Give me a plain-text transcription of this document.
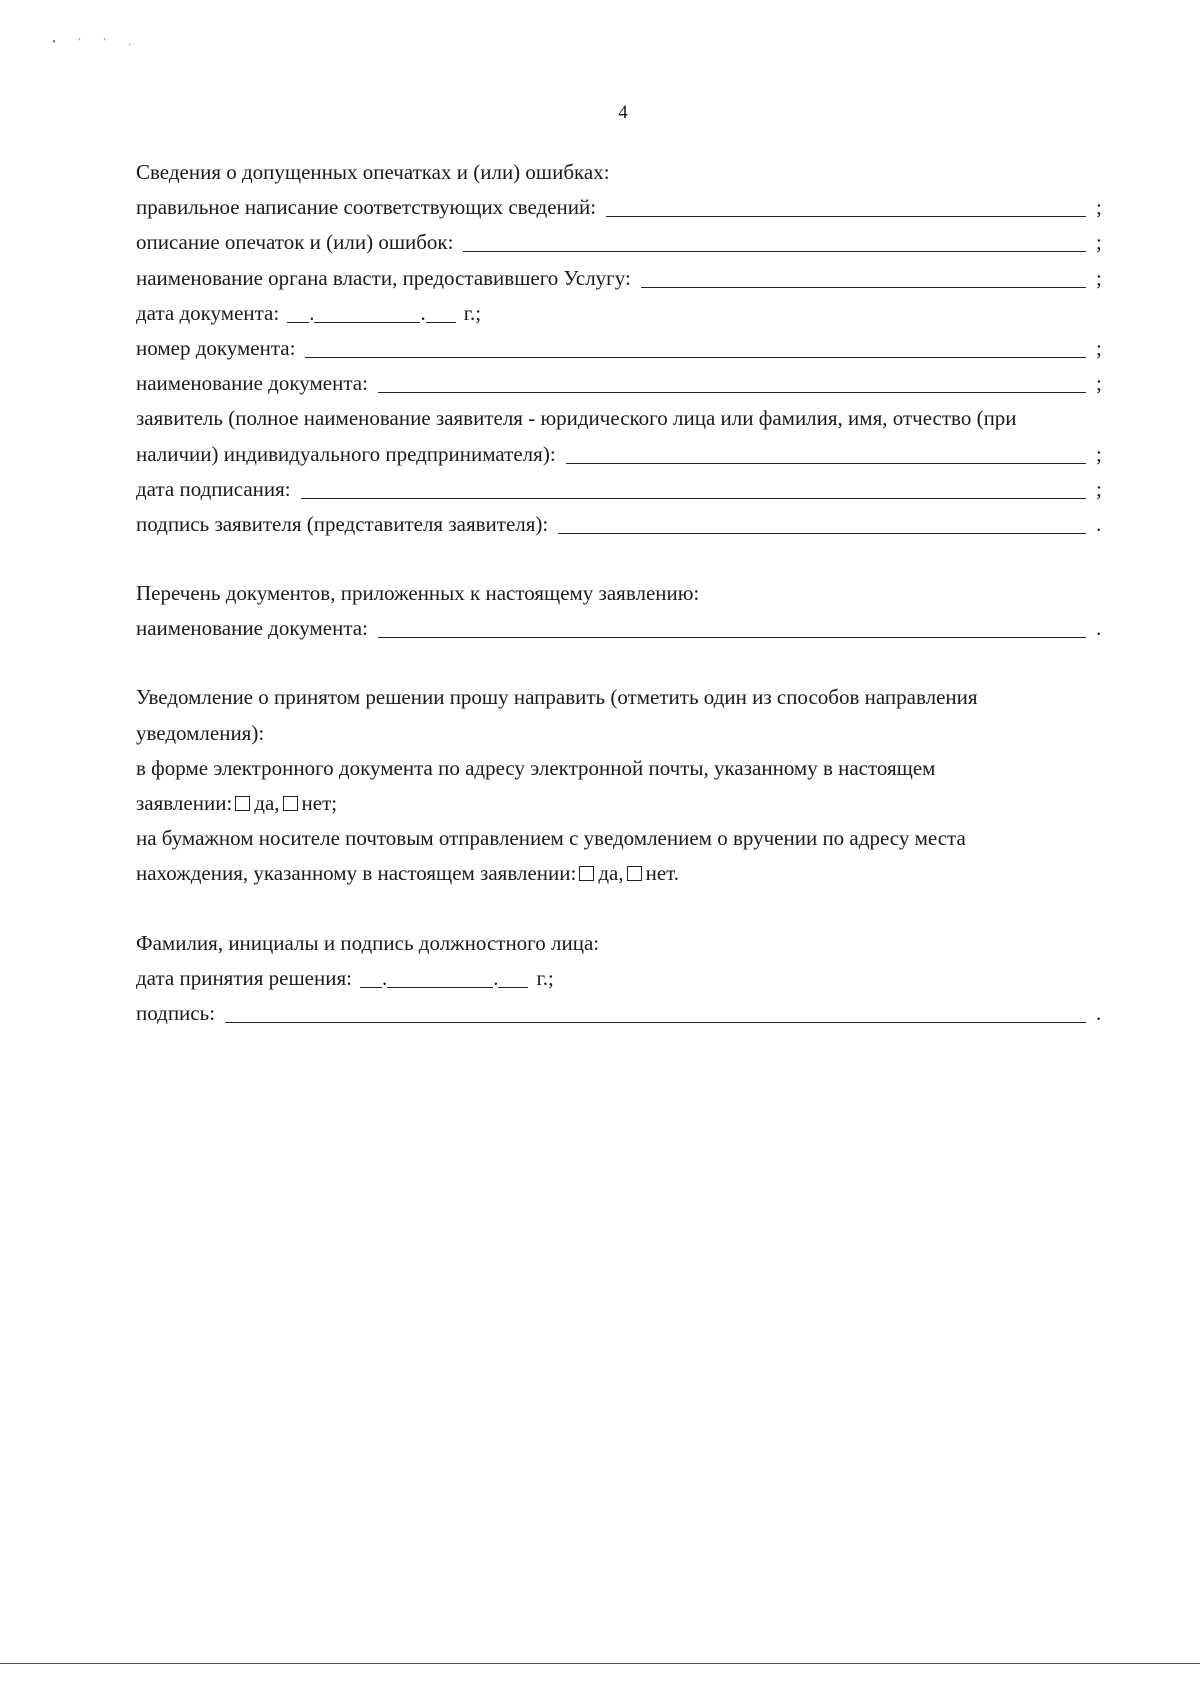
• ' ' .
4
Сведения о допущенных опечатках и (или) ошибках:
правильное написание соответствующих сведений:	;
описание опечаток и (или) ошибок:	;
наименование органа власти, предоставившего Услугу:	;
дата документа: .	. г.;
номер документа:	;
наименование документа:	;
заявитель (полное наименование заявителя - юридического лица или фамилия, имя, отчество (при
наличии) индивидуального предпринимателя):	;
дата подписания:	;
подпись заявителя (представителя заявителя):	.
Перечень документов, приложенных к настоящему заявлению:
наименование документа:	.
Уведомление о принятом решении прошу направить (отметить один из способов направления
уведомления):
в форме электронного документа по адресу электронной почты, указанному в настоящем
заявлении: да, нет;
на бумажном носителе почтовым отправлением с уведомлением о вручении по адресу места
нахождения, указанному в настоящем заявлении: да, нет.
Фамилия, инициалы и подпись должностного лица:
дата принятия решения: .	. г.;
подпись:	.
